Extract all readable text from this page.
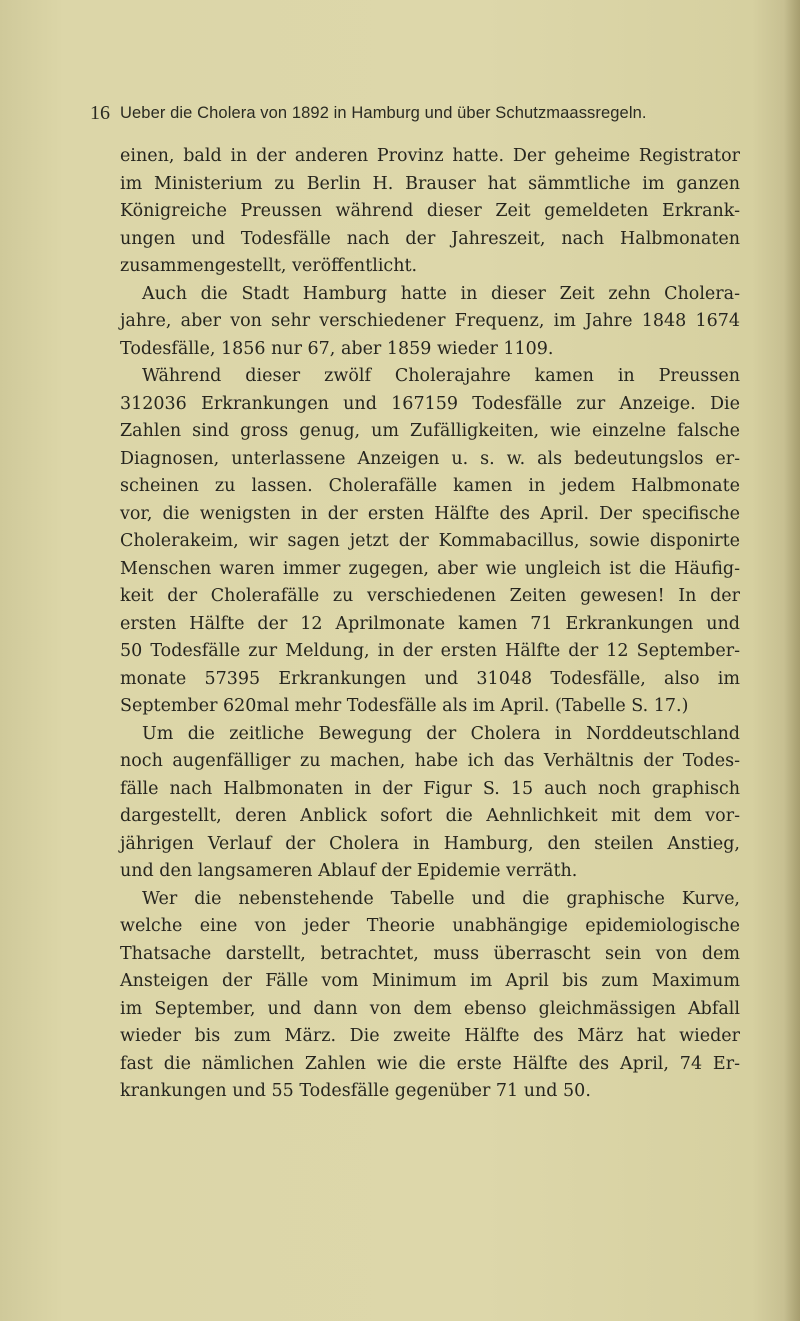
16 Ueber die Cholera von 1892 in Hamburg und über Schutzmaassregeln.
einen, bald in der anderen Provinz hatte. Der geheime Registrator
im Ministerium zu Berlin H. Brauser hat sämmtliche im ganzen
Königreiche Preussen während dieser Zeit gemeldeten Erkrank-
ungen und Todesfälle nach der Jahreszeit, nach Halbmonaten
zusammengestellt, veröffentlicht.
Auch die Stadt Hamburg hatte in dieser Zeit zehn Cholera-
jahre, aber von sehr verschiedener Frequenz, im Jahre 1848 1674
Todesfälle, 1856 nur 67, aber 1859 wieder 1109.
Während dieser zwölf Cholerajahre kamen in Preussen
312036 Erkrankungen und 167159 Todesfälle zur Anzeige. Die
Zahlen sind gross genug, um Zufälligkeiten, wie einzelne falsche
Diagnosen, unterlassene Anzeigen u. s. w. als bedeutungslos er-
scheinen zu lassen. Cholerafälle kamen in jedem Halbmonate
vor, die wenigsten in der ersten Hälfte des April. Der specifische
Cholerakeim, wir sagen jetzt der Kommabacillus, sowie disponirte
Menschen waren immer zugegen, aber wie ungleich ist die Häufig-
keit der Cholerafälle zu verschiedenen Zeiten gewesen! In der
ersten Hälfte der 12 Aprilmonate kamen 71 Erkrankungen und
50 Todesfälle zur Meldung, in der ersten Hälfte der 12 September-
monate 57395 Erkrankungen und 31048 Todesfälle, also im
September 620mal mehr Todesfälle als im April. (Tabelle S. 17.)
Um die zeitliche Bewegung der Cholera in Norddeutschland
noch augenfälliger zu machen, habe ich das Verhältnis der Todes-
fälle nach Halbmonaten in der Figur S. 15 auch noch graphisch
dargestellt, deren Anblick sofort die Aehnlichkeit mit dem vor-
jährigen Verlauf der Cholera in Hamburg, den steilen Anstieg,
und den langsameren Ablauf der Epidemie verräth.
Wer die nebenstehende Tabelle und die graphische Kurve,
welche eine von jeder Theorie unabhängige epidemiologische
Thatsache darstellt, betrachtet, muss überrascht sein von dem
Ansteigen der Fälle vom Minimum im April bis zum Maximum
im September, und dann von dem ebenso gleichmässigen Abfall
wieder bis zum März. Die zweite Hälfte des März hat wieder
fast die nämlichen Zahlen wie die erste Hälfte des April, 74 Er-
krankungen und 55 Todesfälle gegenüber 71 und 50.
